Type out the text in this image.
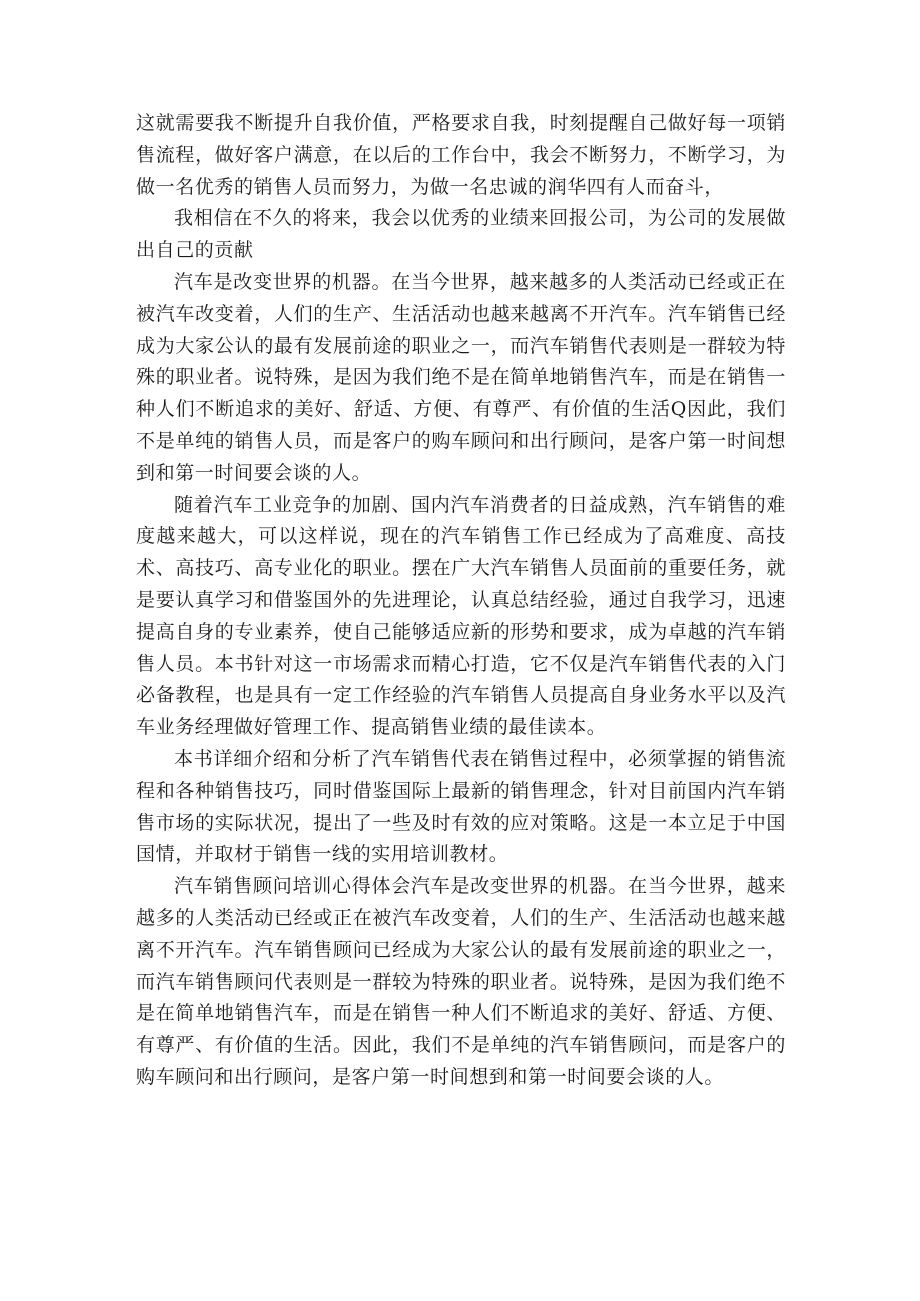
这就需要我不断提升自我价值，严格要求自我，时刻提醒自己做好每一项销售流程，做好客户满意，在以后的工作台中，我会不断努力，不断学习，为做一名优秀的销售人员而努力，为做一名忠诚的润华四有人而奋斗，

我相信在不久的将来，我会以优秀的业绩来回报公司，为公司的发展做出自己的贡献

汽车是改变世界的机器。在当今世界，越来越多的人类活动已经或正在被汽车改变着，人们的生产、生活活动也越来越离不开汽车。汽车销售已经成为大家公认的最有发展前途的职业之一，而汽车销售代表则是一群较为特殊的职业者。说特殊，是因为我们绝不是在简单地销售汽车，而是在销售一种人们不断追求的美好、舒适、方便、有尊严、有价值的生活Q因此，我们不是单纯的销售人员，而是客户的购车顾问和出行顾问，是客户第一时间想到和第一时间要会谈的人。

随着汽车工业竞争的加剧、国内汽车消费者的日益成熟，汽车销售的难度越来越大，可以这样说，现在的汽车销售工作已经成为了高难度、高技术、高技巧、高专业化的职业。摆在广大汽车销售人员面前的重要任务，就是要认真学习和借鉴国外的先进理论，认真总结经验，通过自我学习，迅速提高自身的专业素养，使自己能够适应新的形势和要求，成为卓越的汽车销售人员。本书针对这一市场需求而精心打造，它不仅是汽车销售代表的入门必备教程，也是具有一定工作经验的汽车销售人员提高自身业务水平以及汽车业务经理做好管理工作、提高销售业绩的最佳读本。

本书详细介绍和分析了汽车销售代表在销售过程中，必须掌握的销售流程和各种销售技巧，同时借鉴国际上最新的销售理念，针对目前国内汽车销售市场的实际状况，提出了一些及时有效的应对策略。这是一本立足于中国国情，并取材于销售一线的实用培训教材。

汽车销售顾问培训心得体会汽车是改变世界的机器。在当今世界，越来越多的人类活动已经或正在被汽车改变着，人们的生产、生活活动也越来越离不开汽车。汽车销售顾问已经成为大家公认的最有发展前途的职业之一，而汽车销售顾问代表则是一群较为特殊的职业者。说特殊，是因为我们绝不是在简单地销售汽车，而是在销售一种人们不断追求的美好、舒适、方便、有尊严、有价值的生活。因此，我们不是单纯的汽车销售顾问，而是客户的购车顾问和出行顾问，是客户第一时间想到和第一时间要会谈的人。
